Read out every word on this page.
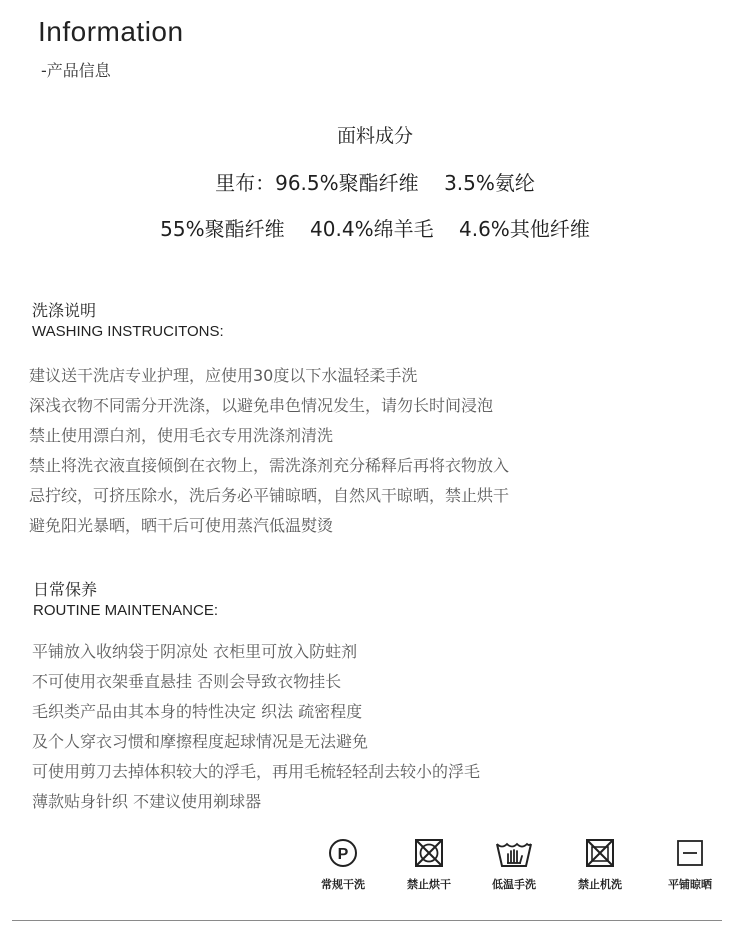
Information
-产品信息
面料成分
里布：96.5%聚酯纤维    3.5%氨纶
55%聚酯纤维    40.4%绵羊毛    4.6%其他纤维
洗涤说明
WASHING INSTRUCITONS:
建议送干洗店专业护理，应使用30度以下水温轻柔手洗
深浅衣物不同需分开洗涤，以避免串色情况发生，请勿长时间浸泡
禁止使用漂白剂，使用毛衣专用洗涤剂清洗
禁止将洗衣液直接倾倒在衣物上，需洗涤剂充分稀释后再将衣物放入
忌拧绞，可挤压除水，洗后务必平铺晾晒，自然风干晾晒，禁止烘干
避免阳光暴晒，晒干后可使用蒸汽低温熨烫
日常保养
ROUTINE MAINTENANCE:
平铺放入收纳袋于阴凉处 衣柜里可放入防蛀剂
不可使用衣架垂直悬挂 否则会导致衣物挂长
毛织类产品由其本身的特性决定 织法 疏密程度
及个人穿衣习惯和摩擦程度起球情况是无法避免
可使用剪刀去掉体积较大的浮毛，再用毛梳轻轻刮去较小的浮毛
薄款贴身针织 不建议使用剃球器
P
常规干洗	禁止烘干	低温手洗	禁止机洗	平铺晾晒
